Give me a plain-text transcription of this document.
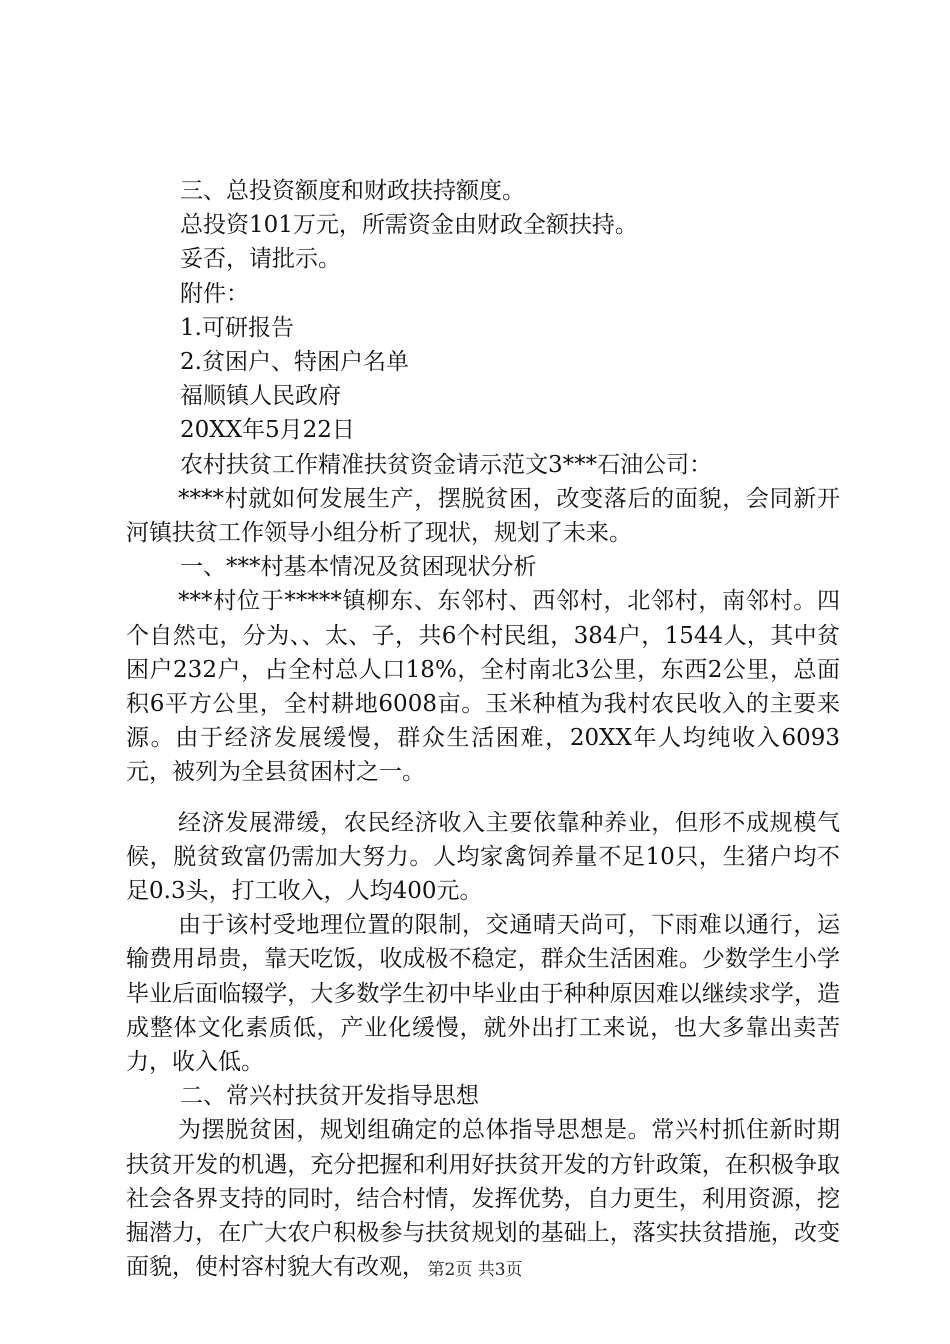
三、总投资额度和财政扶持额度。
总投资101万元，所需资金由财政全额扶持。
妥否，请批示。
附件：
1.可研报告
2.贫困户、特困户名单
福顺镇人民政府
20XX年5月22日
农村扶贫工作精准扶贫资金请示范文3***石油公司：
****村就如何发展生产，摆脱贫困，改变落后的面貌，会同新开河镇扶贫工作领导小组分析了现状，规划了未来。
一、***村基本情况及贫困现状分析
***村位于*****镇柳东、东邻村、西邻村，北邻村，南邻村。四个自然屯，分为、、太、子，共6个村民组，384户，1544人，其中贫困户232户，占全村总人口18%，全村南北3公里，东西2公里，总面积6平方公里，全村耕地6008亩。玉米种植为我村农民收入的主要来源。由于经济发展缓慢，群众生活困难，20XX年人均纯收入6093元，被列为全县贫困村之一。
经济发展滞缓，农民经济收入主要依靠种养业，但形不成规模气候，脱贫致富仍需加大努力。人均家禽饲养量不足10只，生猪户均不足0.3头，打工收入，人均400元。
由于该村受地理位置的限制，交通晴天尚可，下雨难以通行，运输费用昂贵，靠天吃饭，收成极不稳定，群众生活困难。少数学生小学毕业后面临辍学，大多数学生初中毕业由于种种原因难以继续求学，造成整体文化素质低，产业化缓慢，就外出打工来说，也大多靠出卖苦力，收入低。
二、常兴村扶贫开发指导思想
为摆脱贫困，规划组确定的总体指导思想是。常兴村抓住新时期扶贫开发的机遇，充分把握和利用好扶贫开发的方针政策，在积极争取社会各界支持的同时，结合村情，发挥优势，自力更生，利用资源，挖掘潜力，在广大农户积极参与扶贫规划的基础上，落实扶贫措施，改变面貌，使村容村貌大有改观， 第2页 共3页
